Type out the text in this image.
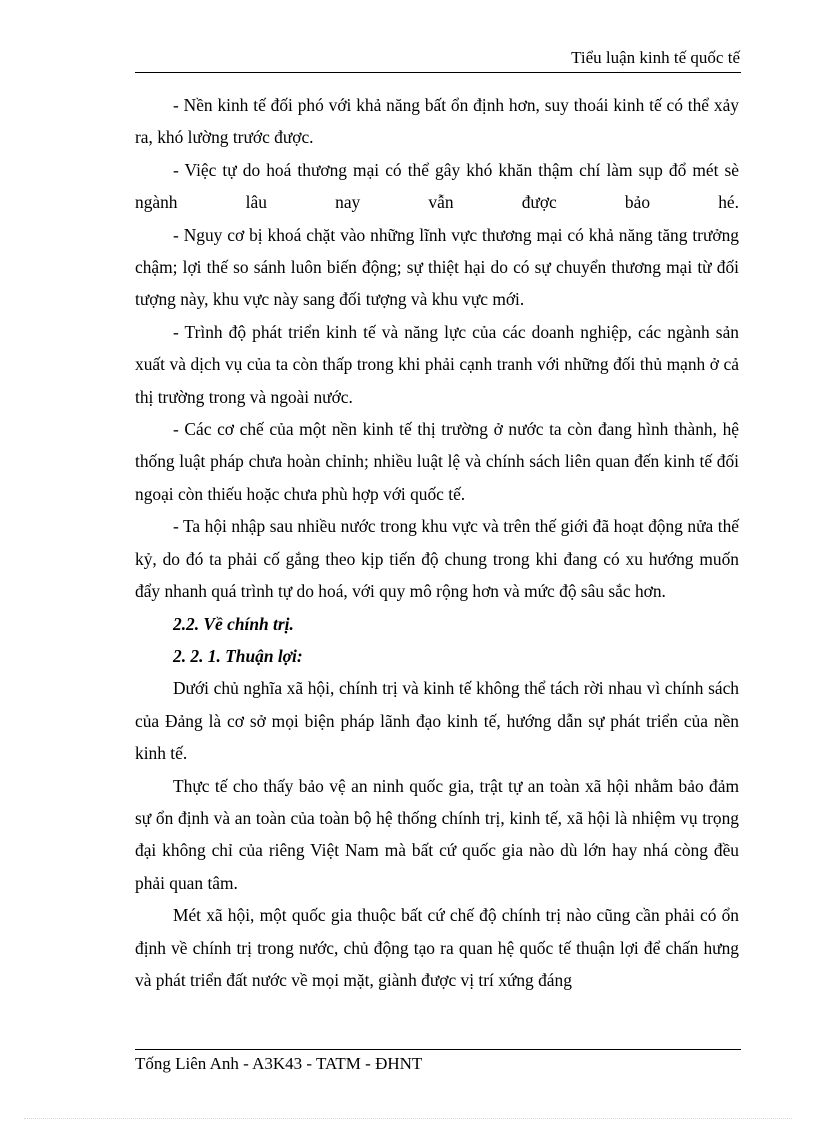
Tiểu luận kinh tế quốc tế

- Nền kinh tế đối phó với khả năng bất ổn định hơn, suy thoái kinh tế có thể xảy ra, khó lường trước được.

- Việc tự do hoá thương mại có thể gây khó khăn thậm chí làm sụp đổ mét sè ngành lâu nay vẫn được bảo hé.

- Nguy cơ bị khoá chặt vào những lĩnh vực thương mại có khả năng tăng trưởng chậm; lợi thế so sánh luôn biến động; sự thiệt hại do có sự chuyển thương mại từ đối tượng này, khu vực này sang đối tượng và khu vực mới.

- Trình độ phát triển kinh tế và năng lực của các doanh nghiệp, các ngành sản xuất và dịch vụ của ta còn thấp trong khi phải cạnh tranh với những đối thủ mạnh ở cả thị trường trong và ngoài nước.

- Các cơ chế của một nền kinh tế thị trường ở nước ta còn đang hình thành, hệ thống luật pháp chưa hoàn chỉnh; nhiều luật lệ và chính sách liên quan đến kinh tế đối ngoại còn thiếu hoặc chưa phù hợp với quốc tế.

- Ta hội nhập sau nhiều nước trong khu vực và trên thế giới đã hoạt động nửa thế kỷ, do đó ta phải cố gắng theo kịp tiến độ chung trong khi đang có xu hướng muốn đẩy nhanh quá trình tự do hoá, với quy mô rộng hơn và mức độ sâu sắc hơn.

2.2. Về chính trị.

2. 2. 1. Thuận lợi:

Dưới chủ nghĩa xã hội, chính trị và kinh tế không thể tách rời nhau vì chính sách của Đảng là cơ sở mọi biện pháp lãnh đạo kinh tế, hướng dẫn sự phát triển của nền kinh tế.

Thực tế cho thấy bảo vệ an ninh quốc gia, trật tự an toàn xã hội nhằm bảo đảm sự ổn định và an toàn của toàn bộ hệ thống chính trị, kinh tế, xã hội là nhiệm vụ trọng đại không chỉ của riêng Việt Nam mà bất cứ quốc gia nào dù lớn hay nhá còng đều phải quan tâm.

Mét xã hội, một quốc gia thuộc bất cứ chế độ chính trị nào cũng cần phải có ổn định về chính trị trong nước, chủ động tạo ra quan hệ quốc tế thuận lợi để chấn hưng và phát triển đất nước về mọi mặt, giành được vị trí xứng đáng

Tống Liên Anh - A3K43 - TATM - ĐHNT
